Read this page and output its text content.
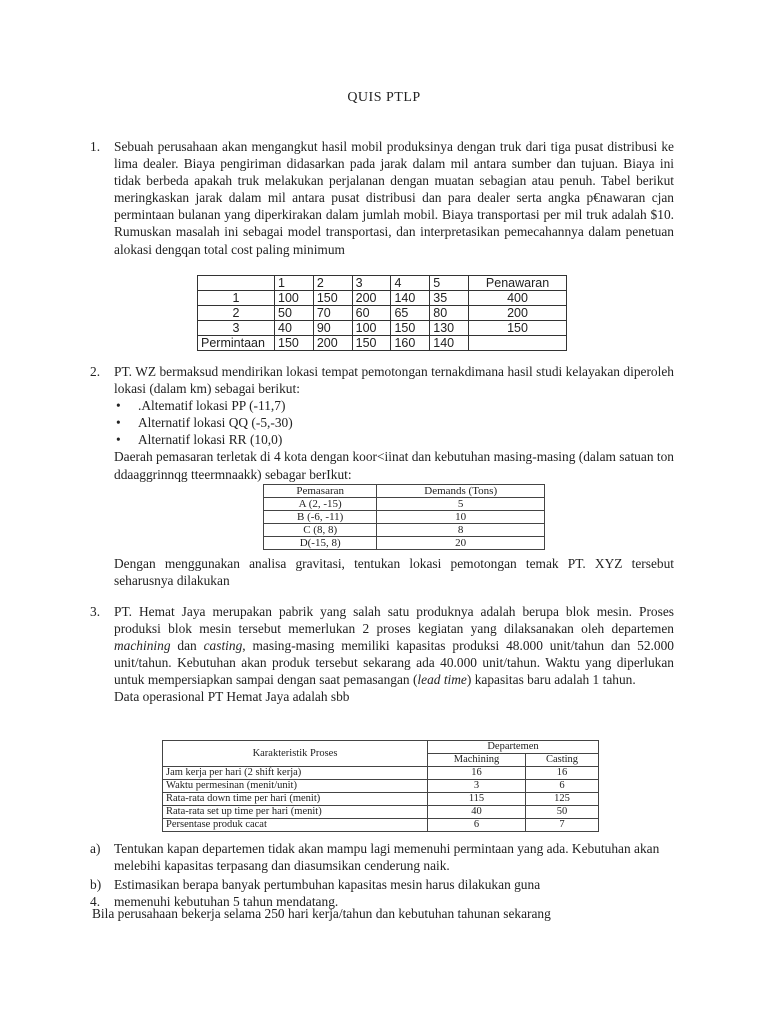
QUIS PTLP
1. Sebuah perusahaan akan mengangkut hasil mobil produksinya dengan truk dari tiga pusat distribusi ke lima dealer. Biaya pengiriman didasarkan pada jarak dalam mil antara sumber dan tujuan. Biaya ini tidak berbeda apakah truk melakukan perjalanan dengan muatan sebagian atau penuh. Tabel berikut meringkaskan jarak dalam mil antara pusat distribusi dan para dealer serta angka p€nawaran cjan permintaan bulanan yang diperkirakan dalam jumlah mobil. Biaya transportasi per mil truk adalah $10. Rumuskan masalah ini sebagai model transportasi, dan interpretasikan pemecahannya dalam penetuan alokasi dengqan total cost paling minimum
	1	2	3	4	5	Penawaran
1	100	150	200	140	35	400
2	50	70	60	65	80	200
3	40	90	100	150	130	150
Permintaan	150	200	150	160	140	
2. PT. WZ bermaksud mendirikan lokasi tempat pemotongan ternakdimana hasil studi kelayakan diperoleh lokasi (dalam km) sebagai berikut:
• .Altematif lokasi PP (-11,7)
• Alternatif lokasi QQ (-5,-30)
• Alternatif lokasi RR (10,0)
Daerah pemasaran terletak di 4 kota dengan koor<iinat dan kebutuhan masing-masing (dalam satuan ton ddaaggrinnqg tteermnaakk) sebagar berIkut:
Pemasaran	Demands (Tons)
A (2, -15)	5
B (-6, -11)	10
C (8, 8)	8
D(-15, 8)	20
Dengan menggunakan analisa gravitasi, tentukan lokasi pemotongan temak PT. XYZ tersebut seharusnya dilakukan
3. PT. Hemat Jaya merupakan pabrik yang salah satu produknya adalah berupa blok mesin. Proses produksi blok mesin tersebut memerlukan 2 proses kegiatan yang dilaksanakan oleh departemen machining dan casting, masing-masing memiliki kapasitas produksi 48.000 unit/tahun dan 52.000 unit/tahun. Kebutuhan akan produk tersebut sekarang ada 40.000 unit/tahun. Waktu yang diperlukan untuk mempersiapkan sampai dengan saat pemasangan (lead time) kapasitas baru adalah 1 tahun.
Data operasional PT Hemat Jaya adalah sbb
Karakteristik Proses	Departemen	
	Machining	Casting
Jam kerja per hari (2 shift kerja)	16	16
Waktu permesinan (menit/unit)	3	6
Rata-rata down time per hari (menit)	115	125
Rata-rata set up time per hari (menit)	40	50
Persentase produk cacat	6	7
a) Tentukan kapan departemen tidak akan mampu lagi memenuhi permintaan yang ada. Kebutuhan akan melebihi kapasitas terpasang dan diasumsikan cenderung naik.
b) Estimasikan berapa banyak pertumbuhan kapasitas mesin harus dilakukan guna
4. memenuhi kebutuhan 5 tahun mendatang.
Bila perusahaan bekerja selama 250 hari kerja/tahun dan kebutuhan tahunan sekarang
